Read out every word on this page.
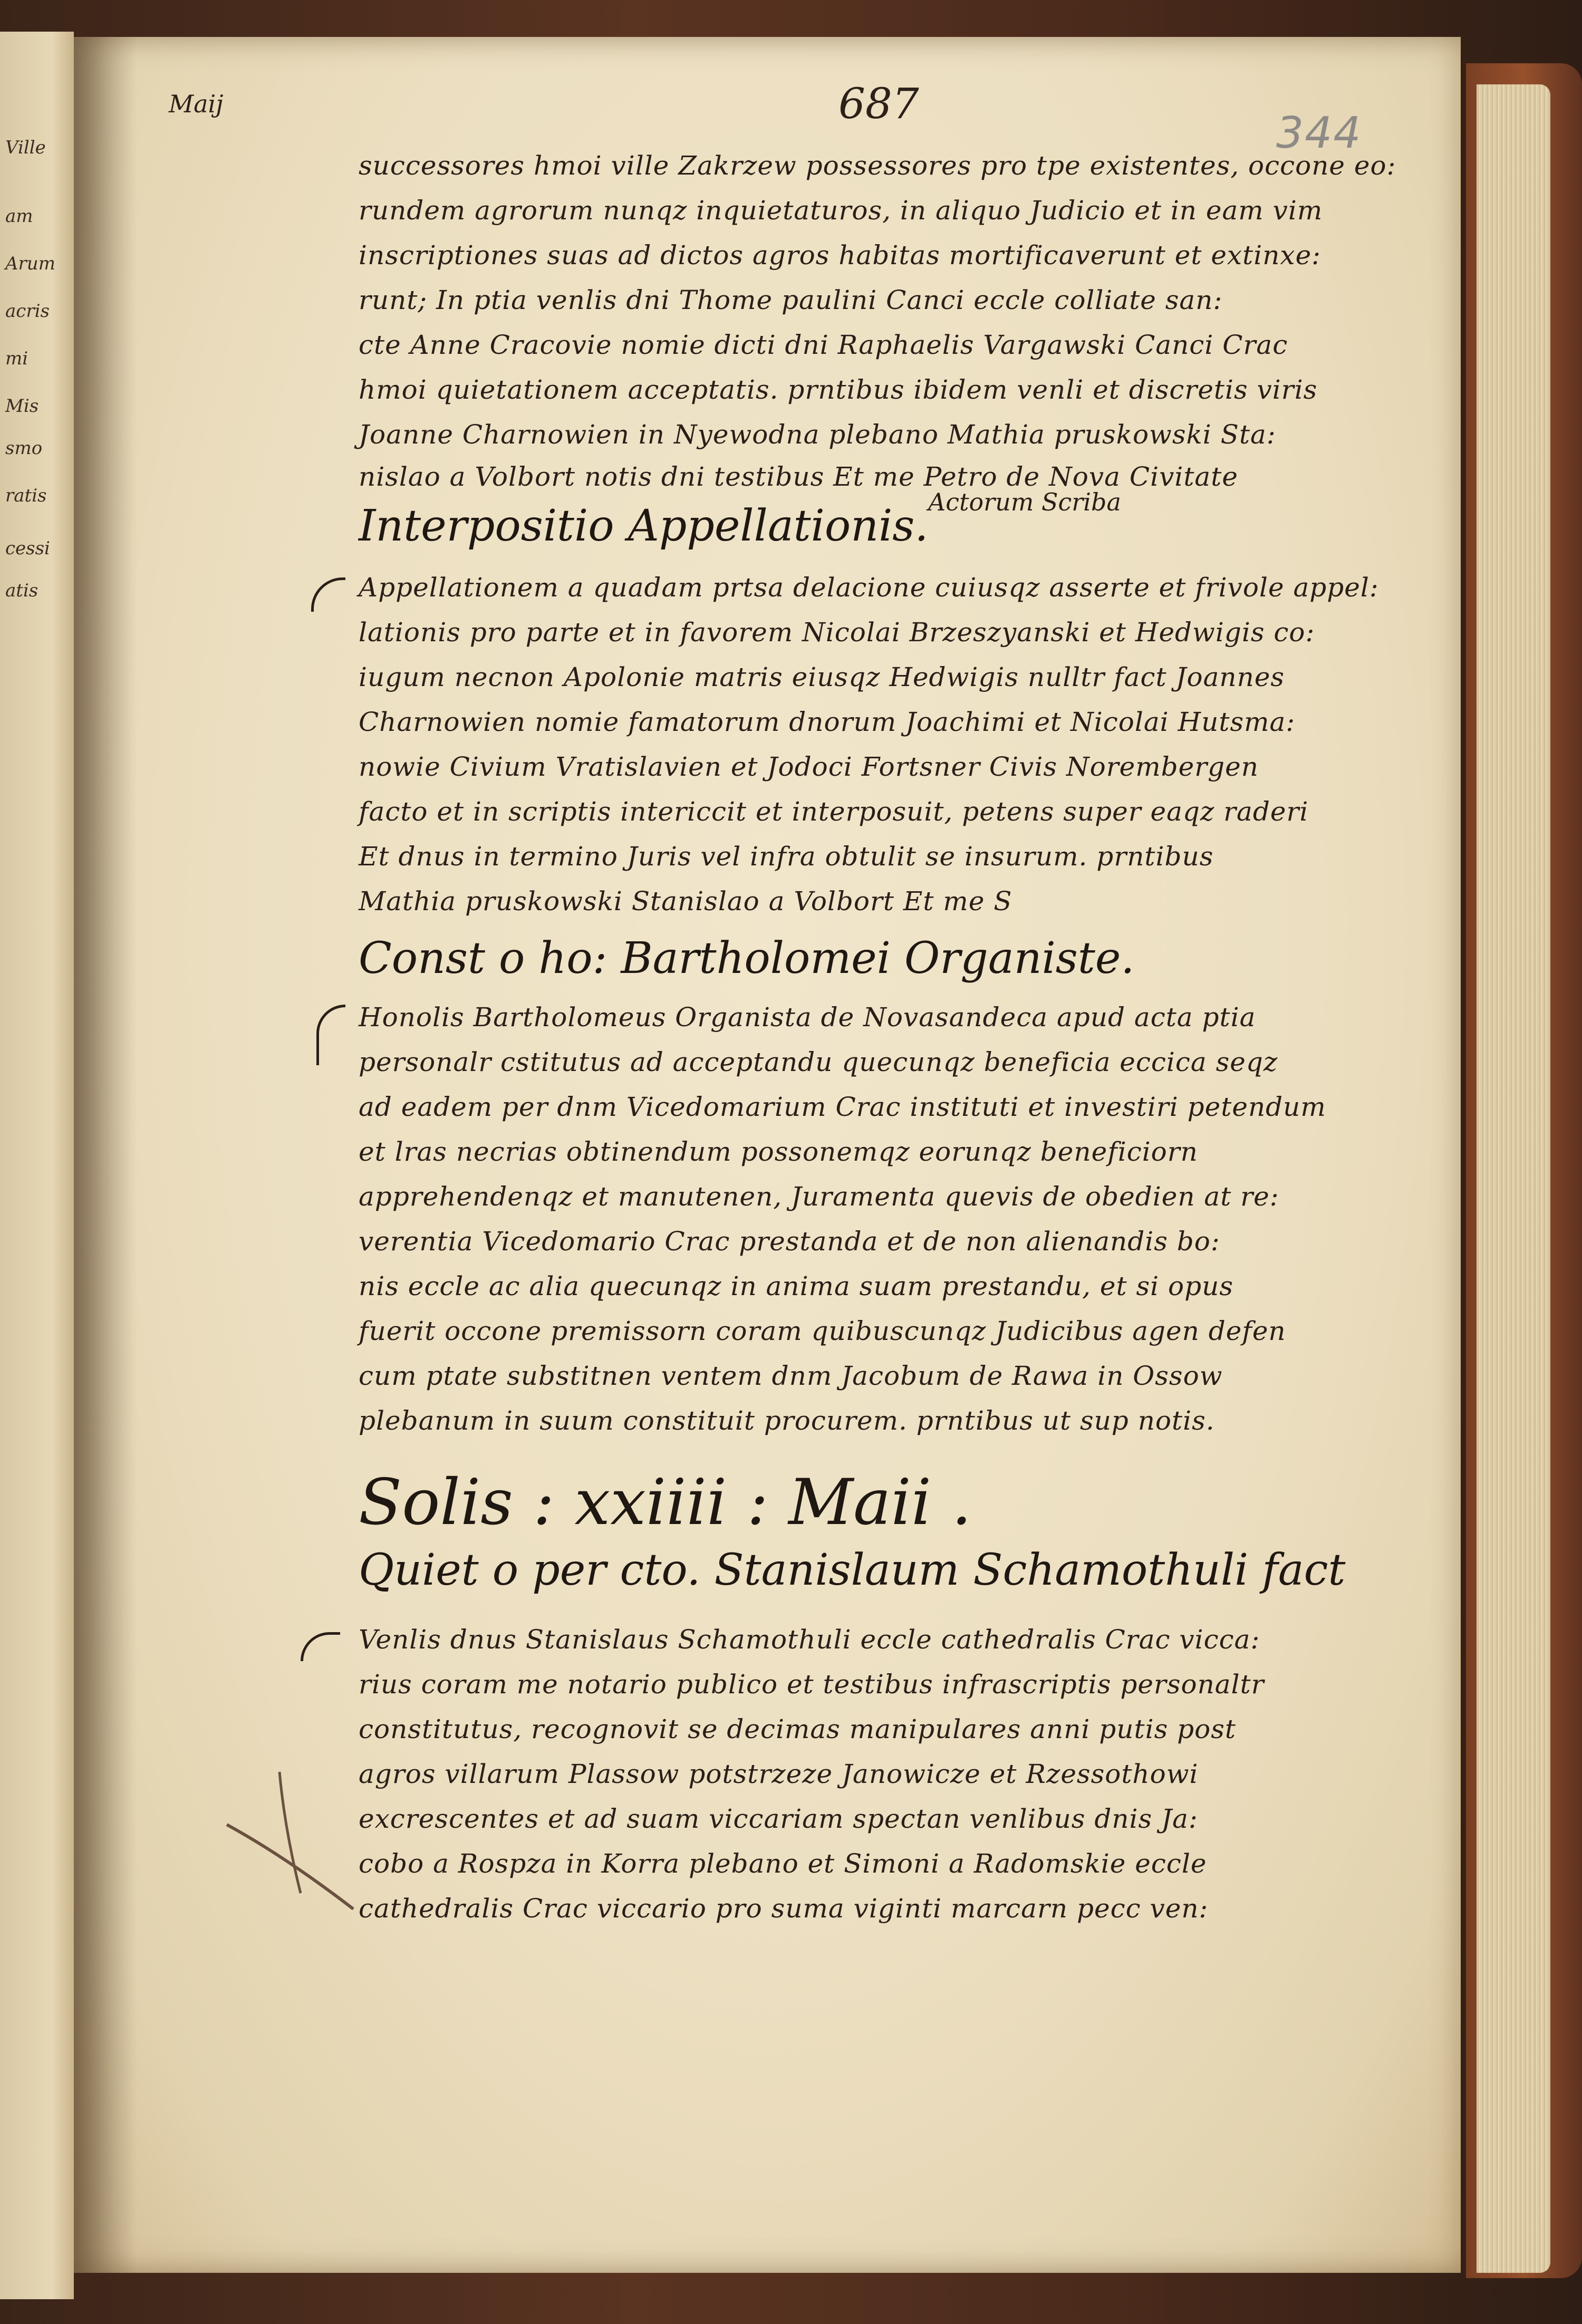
Ville
am
Arum
acris
mi
Mis
smo
ratis
cessi
atis
Maij	687
344
successores hmoi ville Zakrzew possessores pro tpe existentes, occone eo:
rundem agrorum nunqz inquietaturos, in aliquo Judicio et in eam vim
inscriptiones suas ad dictos agros habitas mortificaverunt et extinxe:
runt; In ptia venlis dni Thome paulini Canci eccle colliate san:
cte Anne Cracovie nomie dicti dni Raphaelis Vargawski Canci Crac
hmoi quietationem acceptatis. prntibus ibidem venli et discretis viris
Joanne Charnowien in Nyewodna plebano Mathia pruskowski Sta:
nislao a Volbort notis dni testibus Et me Petro de Nova Civitate
Actorum Scriba
Interpositio Appellationis.
Appellationem a quadam prtsa delacione cuiusqz asserte et frivole appel:
lationis pro parte et in favorem Nicolai Brzeszyanski et Hedwigis co:
iugum necnon Apolonie matris eiusqz Hedwigis nulltr fact Joannes
Charnowien nomie famatorum dnorum Joachimi et Nicolai Hutsma:
nowie Civium Vratislavien et Jodoci Fortsner Civis Norembergen
facto et in scriptis intericcit et interposuit, petens super eaqz raderi
Et dnus in termino Juris vel infra obtulit se insurum. prntibus
Mathia pruskowski Stanislao a Volbort Et me S
Const o ho: Bartholomei Organiste.
Honolis Bartholomeus Organista de Novasandeca apud acta ptia
personalr cstitutus ad acceptandu quecunqz beneficia eccica seqz
ad eadem per dnm Vicedomarium Crac instituti et investiri petendum
et lras necrias obtinendum possonemqz eorunqz beneficiorn
apprehendenqz et manutenen, Juramenta quevis de obedien at re:
verentia Vicedomario Crac prestanda et de non alienandis bo:
nis eccle ac alia quecunqz in anima suam prestandu, et si opus
fuerit occone premissorn coram quibuscunqz Judicibus agen defen
cum ptate substitnen ventem dnm Jacobum de Rawa in Ossow
plebanum in suum constituit procurem. prntibus ut sup notis.
Solis : xxiiii : Maii .
Quiet o per cto. Stanislaum Schamothuli fact
Venlis dnus Stanislaus Schamothuli eccle cathedralis Crac vicca:
rius coram me notario publico et testibus infrascriptis personaltr
constitutus, recognovit se decimas manipulares anni putis post
agros villarum Plassow potstrzeze Janowicze et Rzessothowi
excrescentes et ad suam viccariam spectan venlibus dnis Ja:
cobo a Rospza in Korra plebano et Simoni a Radomskie eccle
cathedralis Crac viccario pro suma viginti marcarn pecc ven:
